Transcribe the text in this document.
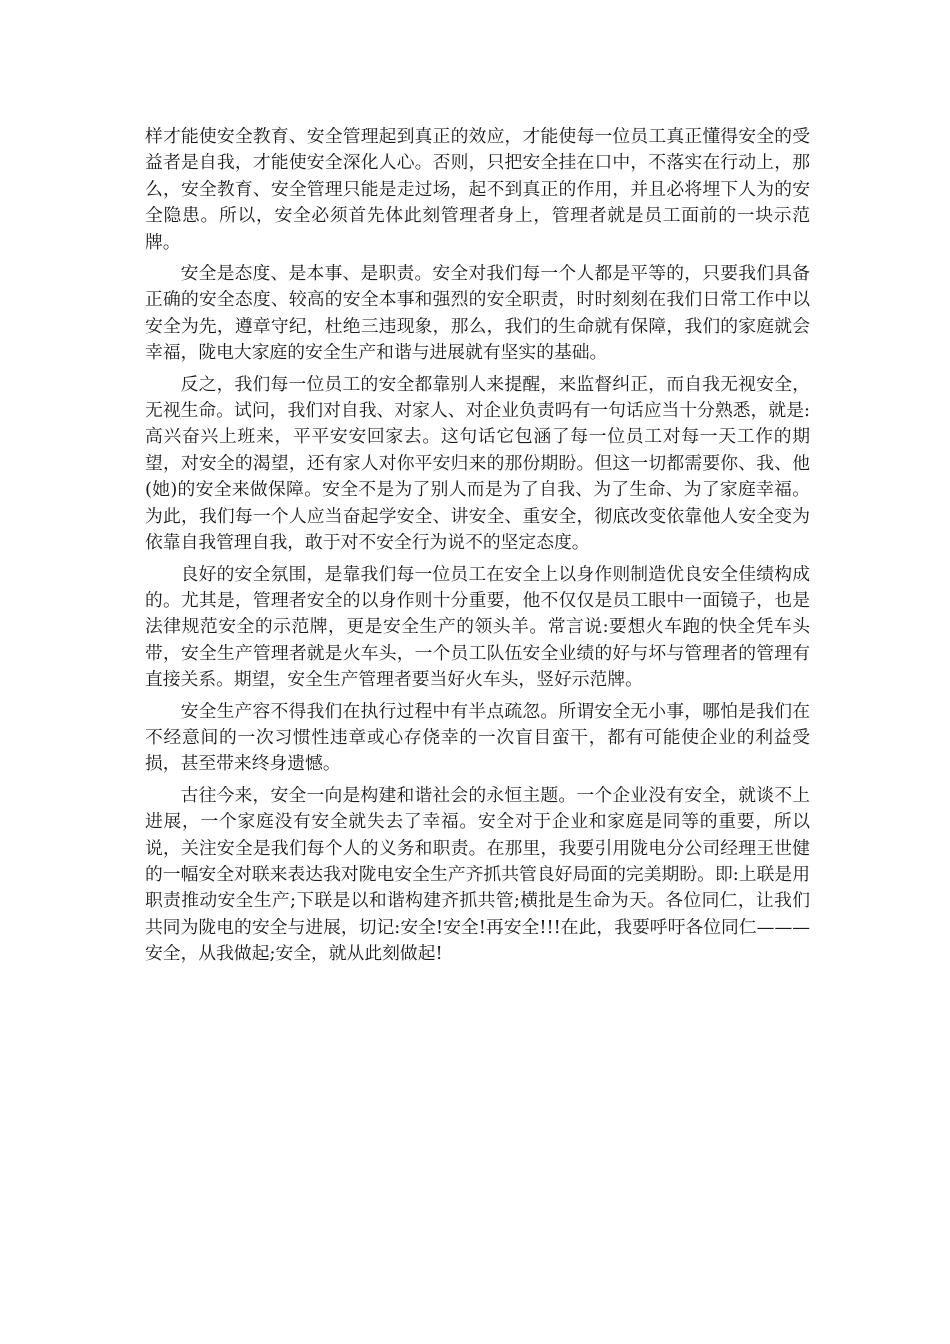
样才能使安全教育、安全管理起到真正的效应，才能使每一位员工真正懂得安全的受益者是自我，才能使安全深化人心。否则，只把安全挂在口中，不落实在行动上，那么，安全教育、安全管理只能是走过场，起不到真正的作用，并且必将埋下人为的安全隐患。所以，安全必须首先体此刻管理者身上，管理者就是员工面前的一块示范牌。

安全是态度、是本事、是职责。安全对我们每一个人都是平等的，只要我们具备正确的安全态度、较高的安全本事和强烈的安全职责，时时刻刻在我们日常工作中以安全为先，遵章守纪，杜绝三违现象，那么，我们的生命就有保障，我们的家庭就会幸福，陇电大家庭的安全生产和谐与进展就有坚实的基础。

反之，我们每一位员工的安全都靠别人来提醒，来监督纠正，而自我无视安全，无视生命。试问，我们对自我、对家人、对企业负责吗有一句话应当十分熟悉，就是:高兴奋兴上班来，平平安安回家去。这句话它包涵了每一位员工对每一天工作的期望，对安全的渴望，还有家人对你平安归来的那份期盼。但这一切都需要你、我、他(她)的安全来做保障。安全不是为了别人而是为了自我、为了生命、为了家庭幸福。为此，我们每一个人应当奋起学安全、讲安全、重安全，彻底改变依靠他人安全变为依靠自我管理自我，敢于对不安全行为说不的坚定态度。

良好的安全氛围，是靠我们每一位员工在安全上以身作则制造优良安全佳绩构成的。尤其是，管理者安全的以身作则十分重要，他不仅仅是员工眼中一面镜子，也是法律规范安全的示范牌，更是安全生产的领头羊。常言说:要想火车跑的快全凭车头带，安全生产管理者就是火车头，一个员工队伍安全业绩的好与坏与管理者的管理有直接关系。期望，安全生产管理者要当好火车头，竖好示范牌。

安全生产容不得我们在执行过程中有半点疏忽。所谓安全无小事，哪怕是我们在不经意间的一次习惯性违章或心存侥幸的一次盲目蛮干，都有可能使企业的利益受损，甚至带来终身遗憾。

古往今来，安全一向是构建和谐社会的永恒主题。一个企业没有安全，就谈不上进展，一个家庭没有安全就失去了幸福。安全对于企业和家庭是同等的重要，所以说，关注安全是我们每个人的义务和职责。在那里，我要引用陇电分公司经理王世健的一幅安全对联来表达我对陇电安全生产齐抓共管良好局面的完美期盼。即:上联是用职责推动安全生产;下联是以和谐构建齐抓共管;横批是生命为天。各位同仁，让我们共同为陇电的安全与进展，切记:安全!安全!再安全!!!在此，我要呼吁各位同仁———安全，从我做起;安全，就从此刻做起!
